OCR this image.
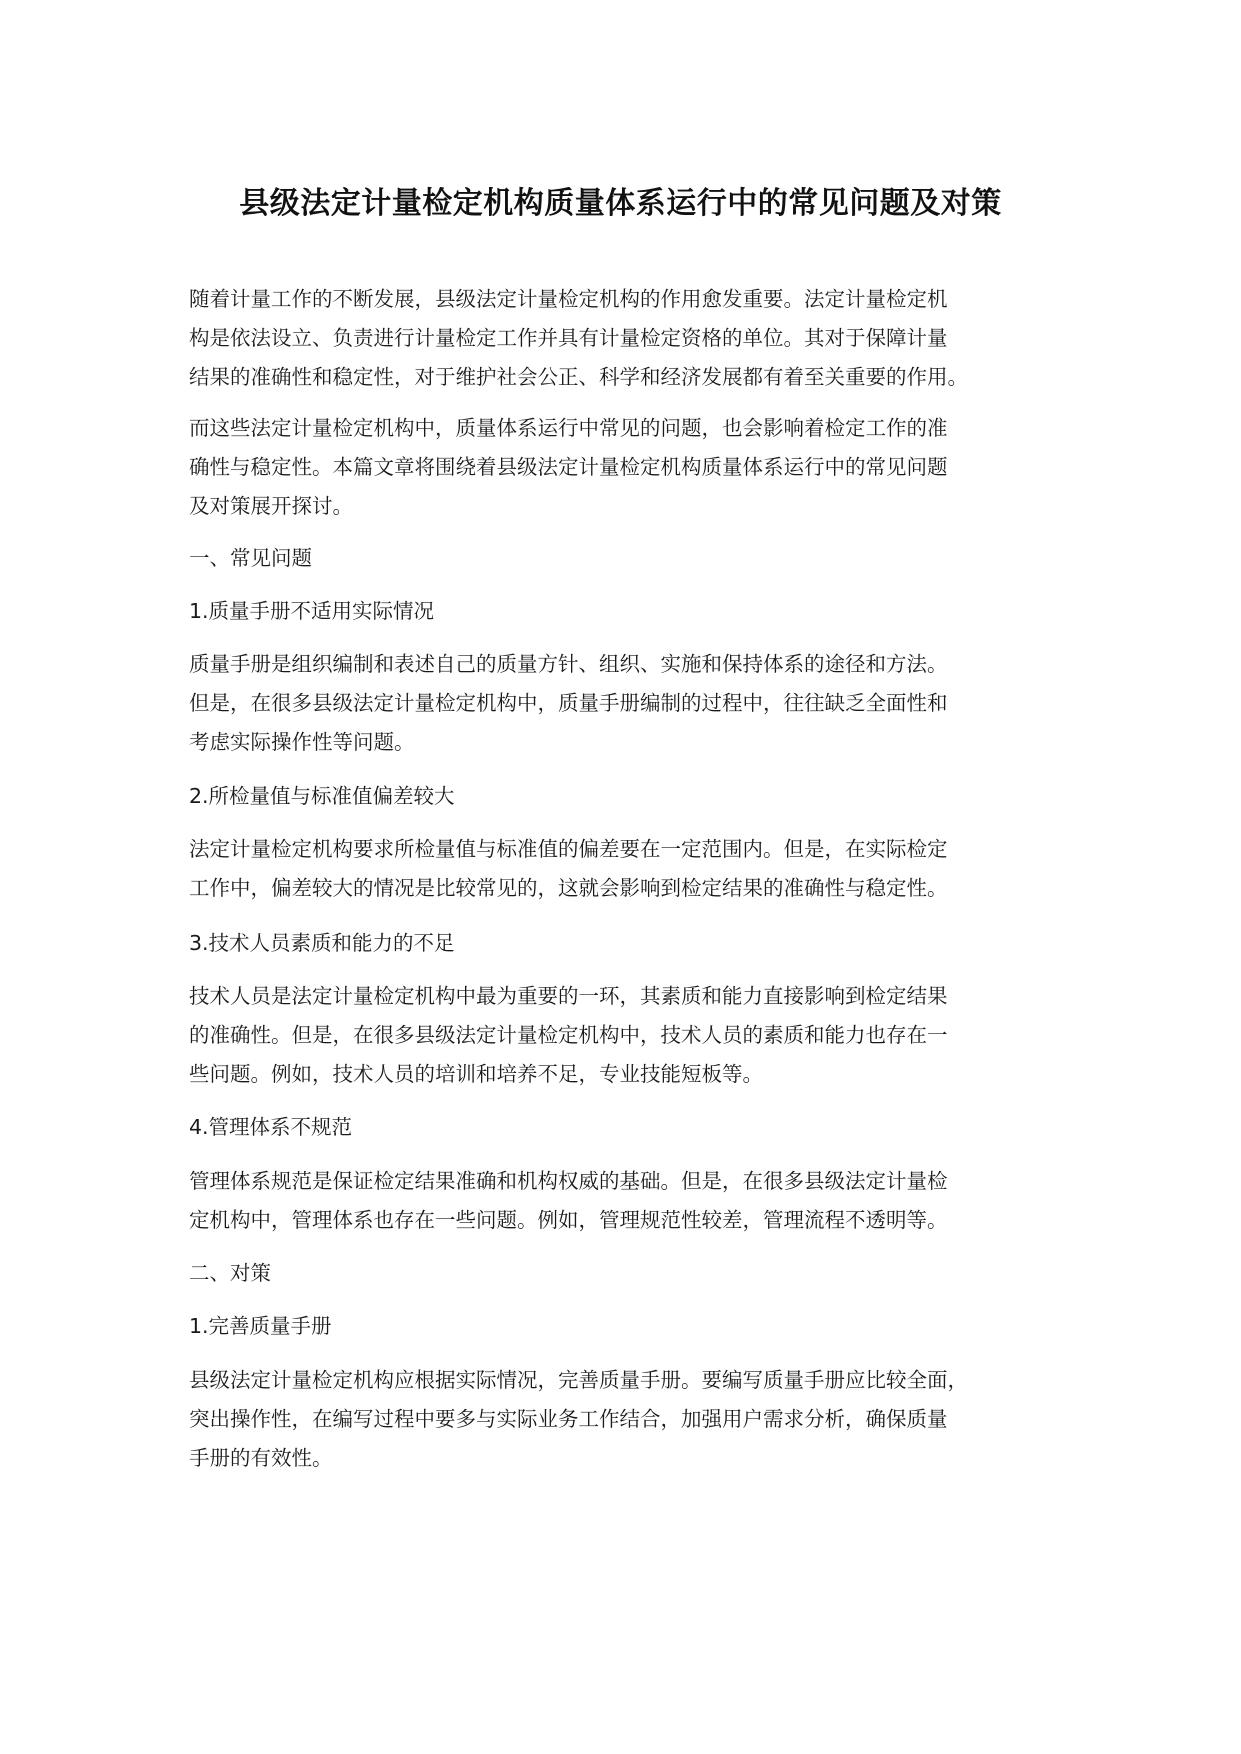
县级法定计量检定机构质量体系运行中的常见问题及对策

随着计量工作的不断发展，县级法定计量检定机构的作用愈发重要。法定计量检定机
构是依法设立、负责进行计量检定工作并具有计量检定资格的单位。其对于保障计量
结果的准确性和稳定性，对于维护社会公正、科学和经济发展都有着至关重要的作用。

而这些法定计量检定机构中，质量体系运行中常见的问题，也会影响着检定工作的准
确性与稳定性。本篇文章将围绕着县级法定计量检定机构质量体系运行中的常见问题
及对策展开探讨。

一、常见问题

1.质量手册不适用实际情况

质量手册是组织编制和表述自己的质量方针、组织、实施和保持体系的途径和方法。
但是，在很多县级法定计量检定机构中，质量手册编制的过程中，往往缺乏全面性和
考虑实际操作性等问题。

2.所检量值与标准值偏差较大

法定计量检定机构要求所检量值与标准值的偏差要在一定范围内。但是，在实际检定
工作中，偏差较大的情况是比较常见的，这就会影响到检定结果的准确性与稳定性。

3.技术人员素质和能力的不足

技术人员是法定计量检定机构中最为重要的一环，其素质和能力直接影响到检定结果
的准确性。但是，在很多县级法定计量检定机构中，技术人员的素质和能力也存在一
些问题。例如，技术人员的培训和培养不足，专业技能短板等。

4.管理体系不规范

管理体系规范是保证检定结果准确和机构权威的基础。但是，在很多县级法定计量检
定机构中，管理体系也存在一些问题。例如，管理规范性较差，管理流程不透明等。

二、对策

1.完善质量手册

县级法定计量检定机构应根据实际情况，完善质量手册。要编写质量手册应比较全面，
突出操作性，在编写过程中要多与实际业务工作结合，加强用户需求分析，确保质量
手册的有效性。
